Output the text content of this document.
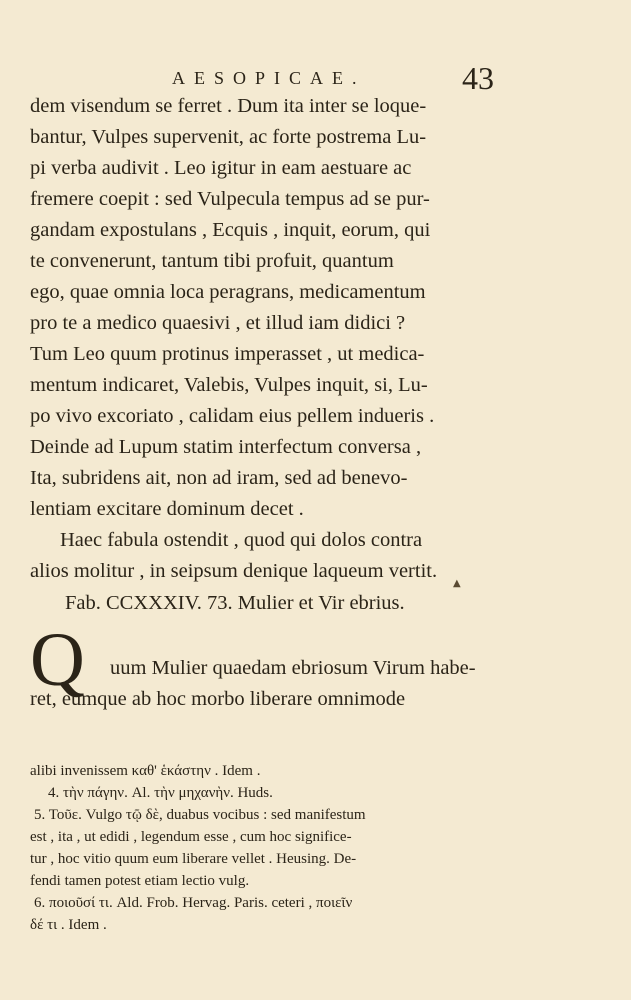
AESOPICAE.	43
dem visendum se ferret . Dum ita inter se loque-
bantur, Vulpes supervenit, ac forte postrema Lu-
pi verba audivit . Leo igitur in eam aestuare ac
fremere coepit : sed Vulpecula tempus ad se pur-
gandam expostulans , Ecquis , inquit, eorum, qui
te convenerunt, tantum tibi profuit, quantum
ego, quae omnia loca peragrans, medicamentum
pro te a medico quaesivi , et illud iam didici ?
Tum Leo quum protinus imperasset , ut medica-
mentum indicaret, Valebis, Vulpes inquit, si, Lu-
po vivo excoriato , calidam eius pellem indueris .
Deinde ad Lupum statim interfectum conversa ,
Ita, subridens ait, non ad iram, sed ad benevo-
lentiam excitare dominum decet .
Haec fabula ostendit , quod qui dolos contra
alios molitur , in seipsum denique laqueum vertit.
▲
Fab. CCXXXIV. 73. Mulier et Vir ebrius.
Q uum Mulier quaedam ebriosum Virum habe-
ret, eumque ab hoc morbo liberare omnimode
alibi invenissem καθ' ἑκάστην . Idem .
4. τὴν πάγην. Al. τὴν μηχανὴν. Huds.
5. Τοῦε. Vulgo τῷ δὲ, duabus vocibus : sed manifestum
est , ita , ut edidi , legendum esse , cum hoc significe-
tur , hoc vitio quum eum liberare vellet . Heusing. De-
fendi tamen potest etiam lectio vulg.
6. ποιοῦσί τι. Ald. Frob. Hervag. Paris. ceteri , ποιεῖν
δέ τι . Idem .
